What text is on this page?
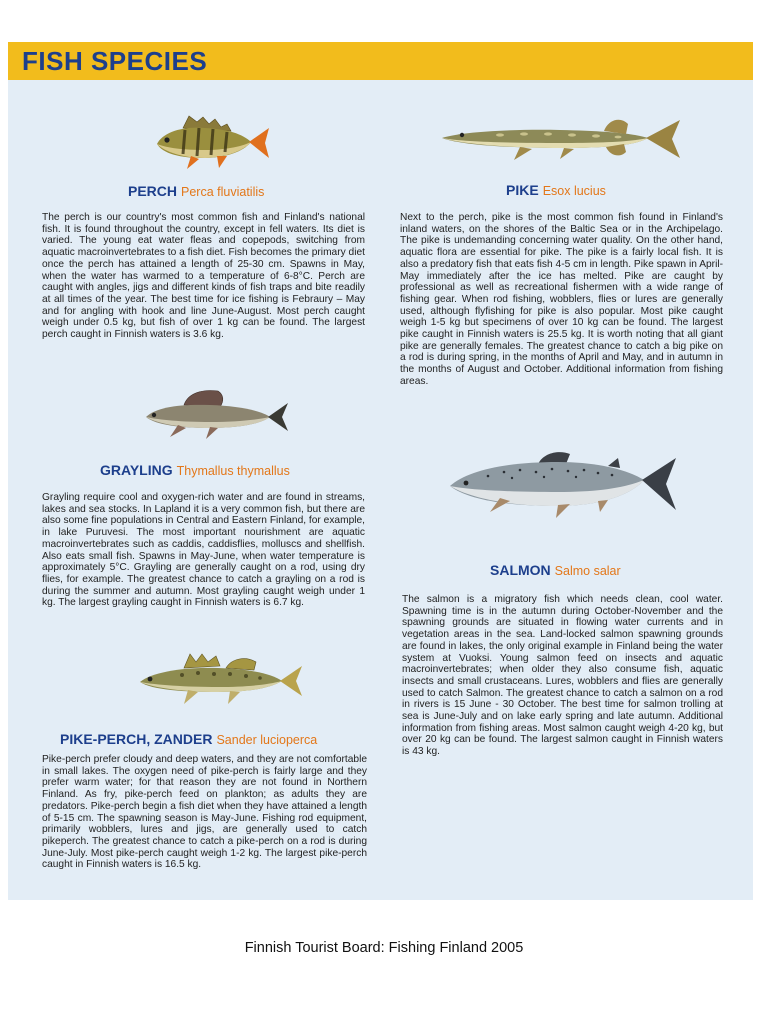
FISH SPECIES
PERCH Perca fluviatilis

The perch is our country's most common fish and Finland's national fish. It is found throughout the country, except in fell waters. Its diet is varied. The young eat water fleas and copepods, switching from aquatic macroinvertebrates to a fish diet. Fish becomes the primary diet once the perch has attained a length of 25-30 cm. Spawns in May, when the water has warmed to a temperature of 6-8°C. Perch are caught with angles, jigs and different kinds of fish traps and bite readily at all times of the year. The best time for ice fishing is Febraury – May and for angling with hook and line June-August. Most perch caught weigh under 0.5 kg, but fish of over 1 kg can be found. The largest perch caught in Finnish waters is 3.6 kg.

GRAYLING Thymallus thymallus

Grayling require cool and oxygen-rich water and are found in streams, lakes and sea stocks. In Lapland it is a very common fish, but there are also some fine populations in Central and Eastern Finland, for example, in lake Puruvesi. The most important nourishment are aquatic macroinvertebrates such as caddis, caddisflies, molluscs and shellfish. Also eats small fish. Spawns in May-June, when water temperature is approximately 5°C. Grayling are generally caught on a rod, using dry flies, for example. The greatest chance to catch a grayling on a rod is during the summer and autumn. Most grayling caught weigh under 1 kg. The largest grayling caught in Finnish waters is 6.7 kg.

PIKE-PERCH, ZANDER Sander lucioperca

Pike-perch prefer cloudy and deep waters, and they are not comfortable in small lakes. The oxygen need of pike-perch is fairly large and they prefer warm water; for that reason they are not found in Northern Finland. As fry, pike-perch feed on plankton; as adults they are predators. Pike-perch begin a fish diet when they have attained a length of 5-15 cm. The spawning season is May-June. Fishing rod equipment, primarily wobblers, lures and jigs, are generally used to catch pikeperch. The greatest chance to catch a pike-perch on a rod is during June-July. Most pike-perch caught weigh 1-2 kg. The largest pike-perch caught in Finnish waters is 16.5 kg.

PIKE Esox lucius

Next to the perch, pike is the most common fish found in Finland's inland waters, on the shores of the Baltic Sea or in the Archipelago. The pike is undemanding concerning water quality. On the other hand, aquatic flora are essential for pike. The pike is a fairly local fish. It is also a predatory fish that eats fish 4-5 cm in length. Pike spawn in April-May immediately after the ice has melted. Pike are caught by professional as well as recreational fishermen with a wide range of fishing gear. When rod fishing, wobblers, flies or lures are generally used, although flyfishing for pike is also popular. Most pike caught weigh 1-5 kg but specimens of over 10 kg can be found. The largest pike caught in Finnish waters is 25.5 kg. It is worth noting that all giant pike are generally females. The greatest chance to catch a big pike on a rod is during spring, in the months of April and May, and in autumn in the months of August and October. Additional information from fishing areas.

SALMON Salmo salar

The salmon is a migratory fish which needs clean, cool water. Spawning time is in the autumn during October-November and the spawning grounds are situated in flowing water currents and in vegetation areas in the sea. Land-locked salmon spawning grounds are found in lakes, the only original example in Finland being the water system at Vuoksi. Young salmon feed on insects and aquatic macroinvertebrates; when older they also consume fish, aquatic insects and small crustaceans. Lures, wobblers and flies are generally used to catch Salmon. The greatest chance to catch a salmon on a rod in rivers is 15 June - 30 October. The best time for salmon trolling at sea is June-July and on lake early spring and late autumn. Additional information from fishing areas. Most salmon caught weigh 4-20 kg, but over 20 kg can be found. The largest salmon caught in Finnish waters is 43 kg.

Finnish Tourist Board: Fishing Finland 2005
